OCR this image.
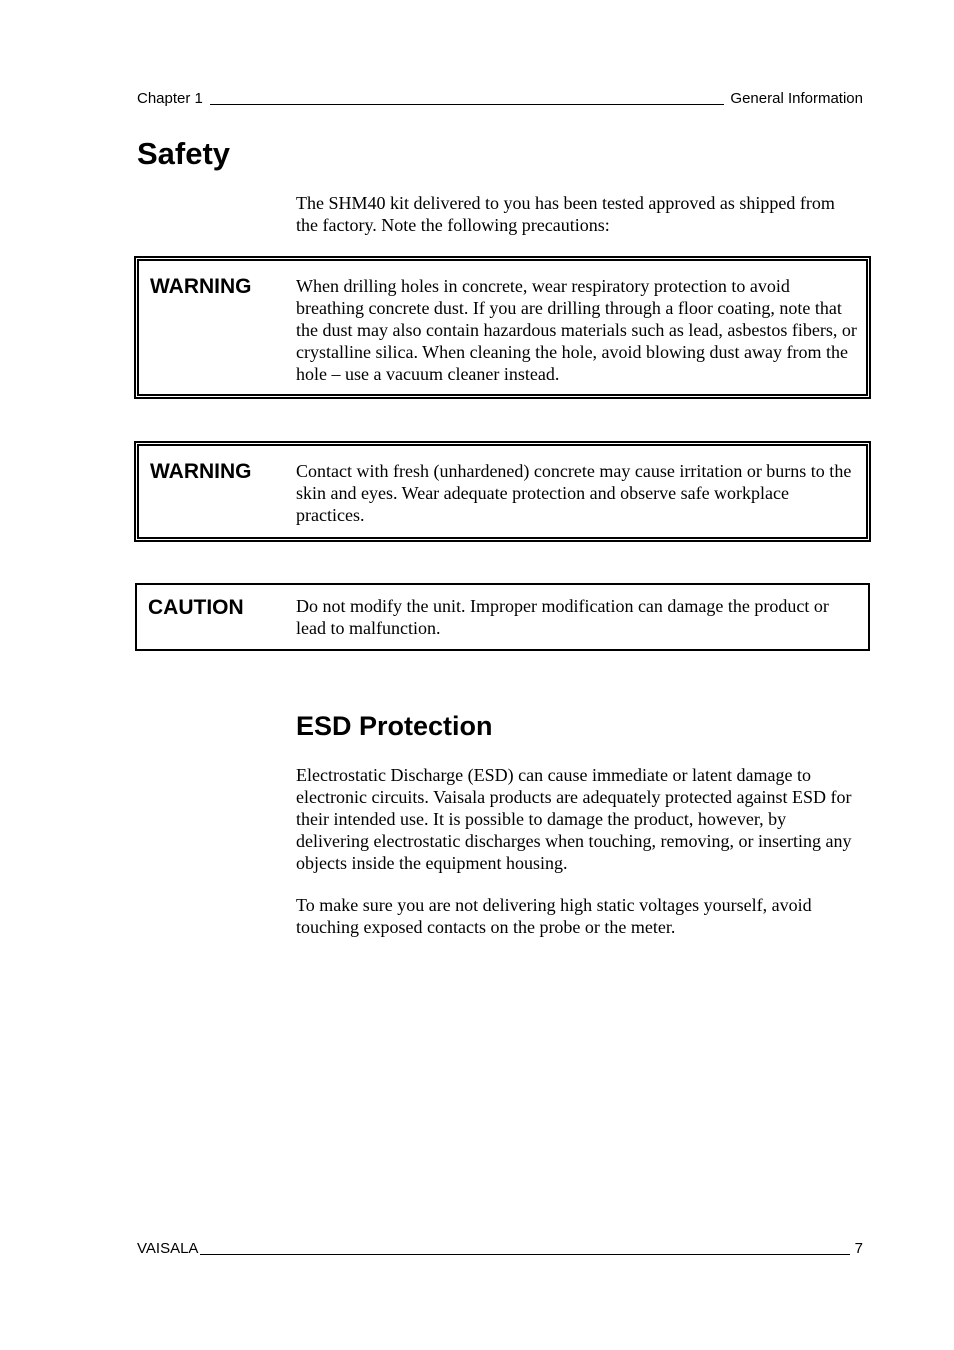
Chapter 1	General Information
Safety

The SHM40 kit delivered to you has been tested approved as shipped from the factory. Note the following precautions:

WARNING When drilling holes in concrete, wear respiratory protection to avoid breathing concrete dust. If you are drilling through a floor coating, note that the dust may also contain hazardous materials such as lead, asbestos fibers, or crystalline silica. When cleaning the hole, avoid blowing dust away from the hole – use a vacuum cleaner instead.
WARNING Contact with fresh (unhardened) concrete may cause irritation or burns to the skin and eyes. Wear adequate protection and observe safe workplace practices.
CAUTION	Do not modify the unit. Improper modification can damage the product or lead to malfunction.
ESD Protection

Electrostatic Discharge (ESD) can cause immediate or latent damage to electronic circuits. Vaisala products are adequately protected against ESD for their intended use. It is possible to damage the product, however, by delivering electrostatic discharges when touching, removing, or inserting any objects inside the equipment housing.

To make sure you are not delivering high static voltages yourself, avoid touching exposed contacts on the probe or the meter.

VAISALA	7
